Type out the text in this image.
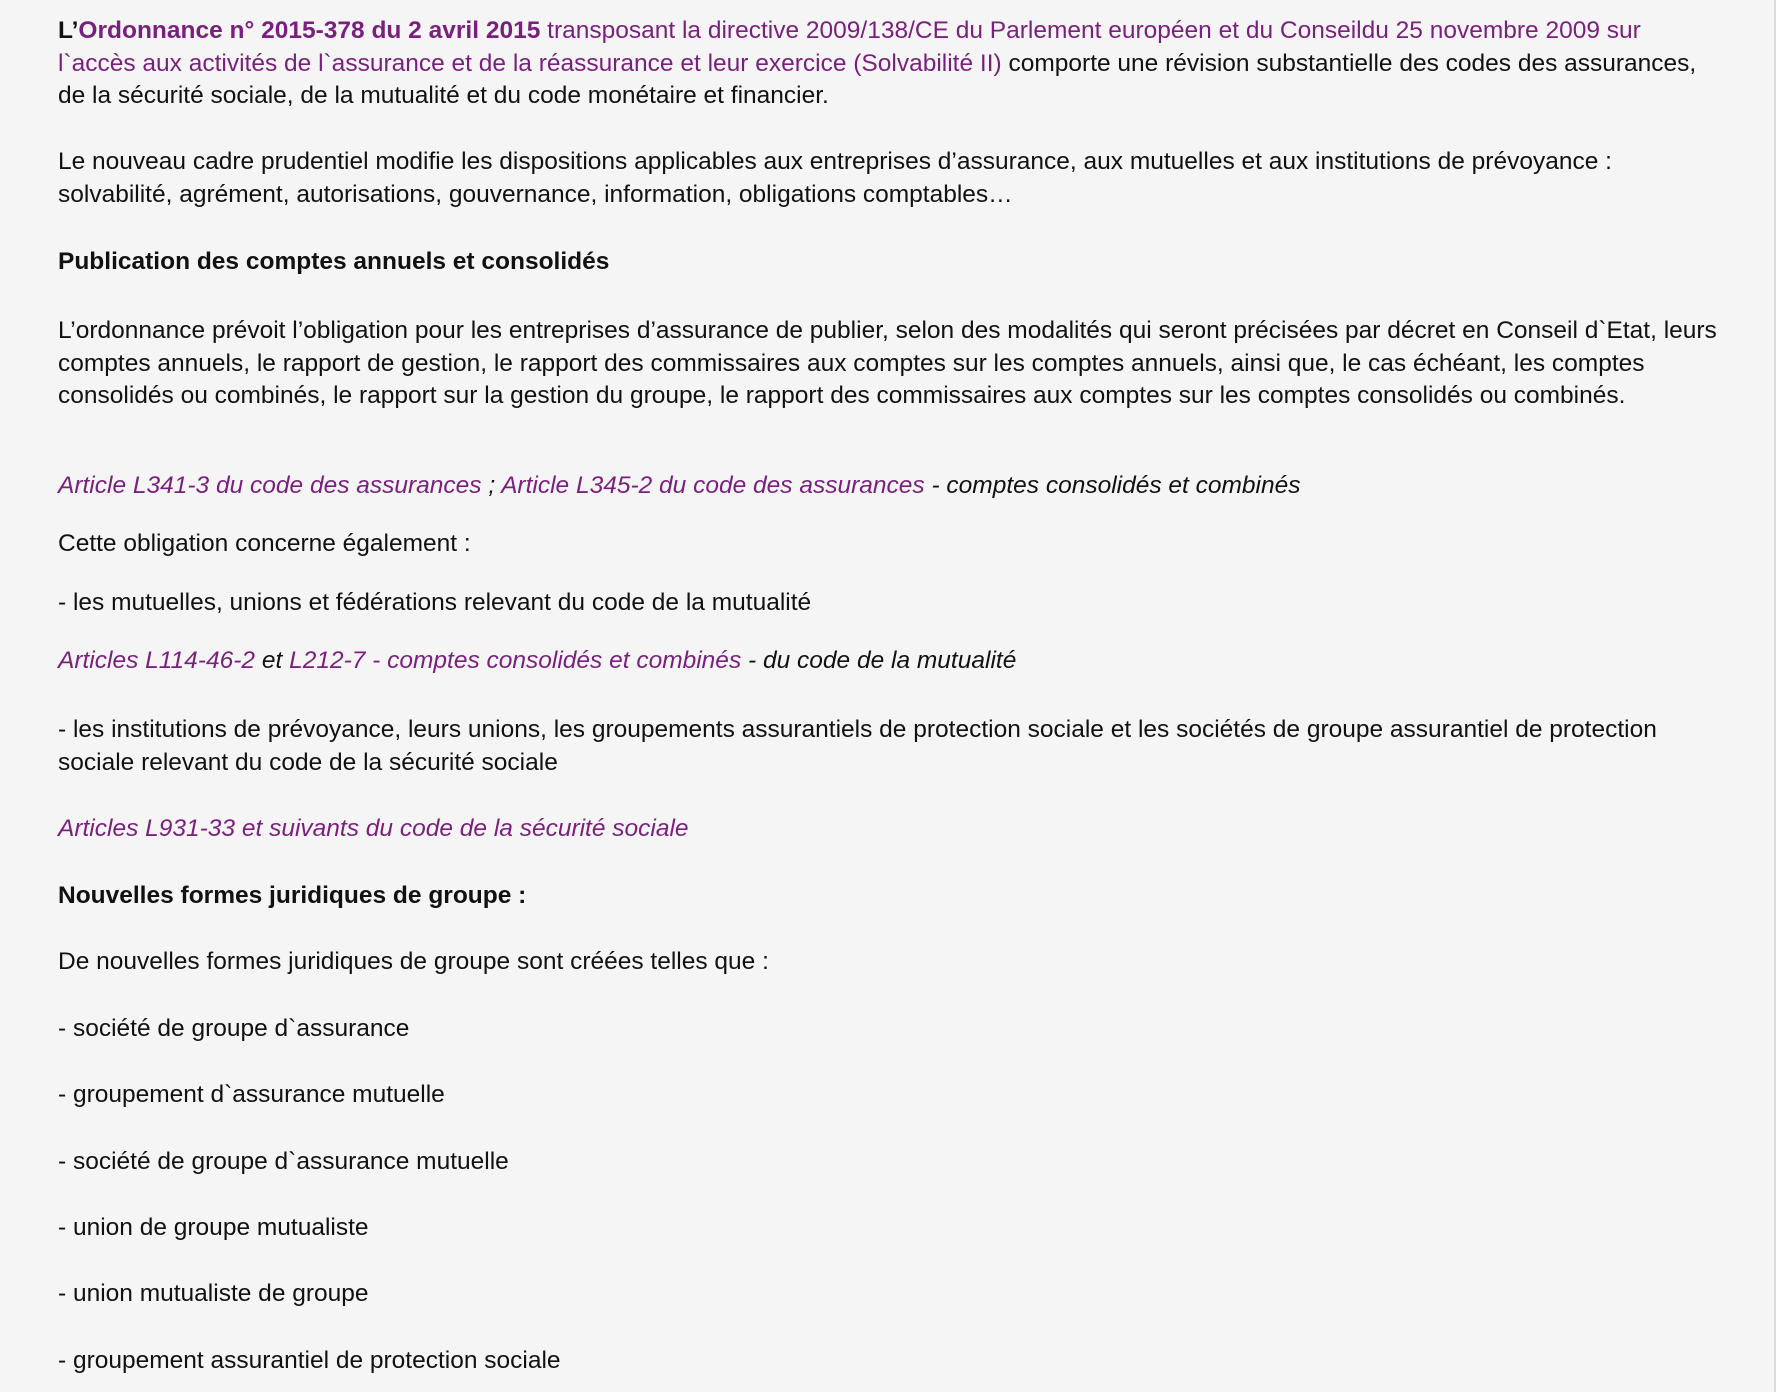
L’Ordonnance n° 2015-378 du 2 avril 2015 transposant la directive 2009/138/CE du Parlement européen et du Conseildu 25 novembre 2009 sur l`accès aux activités de l`assurance et de la réassurance et leur exercice (Solvabilité II) comporte une révision substantielle des codes des assurances, de la sécurité sociale, de la mutualité et du code monétaire et financier.

Le nouveau cadre prudentiel modifie les dispositions applicables aux entreprises d’assurance, aux mutuelles et aux institutions de prévoyance : solvabilité, agrément, autorisations, gouvernance, information, obligations comptables…

Publication des comptes annuels et consolidés

L’ordonnance prévoit l’obligation pour les entreprises d’assurance de publier, selon des modalités qui seront précisées par décret en Conseil d`Etat, leurs comptes annuels, le rapport de gestion, le rapport des commissaires aux comptes sur les comptes annuels, ainsi que, le cas échéant, les comptes consolidés ou combinés, le rapport sur la gestion du groupe, le rapport des commissaires aux comptes sur les comptes consolidés ou combinés.

Article L341-3 du code des assurances ; Article L345-2 du code des assurances - comptes consolidés et combinés

Cette obligation concerne également :

- les mutuelles, unions et fédérations relevant du code de la mutualité

Articles L114-46-2 et L212-7 - comptes consolidés et combinés - du code de la mutualité

- les institutions de prévoyance, leurs unions, les groupements assurantiels de protection sociale et les sociétés de groupe assurantiel de protection sociale relevant du code de la sécurité sociale

Articles L931-33 et suivants du code de la sécurité sociale

Nouvelles formes juridiques de groupe :

De nouvelles formes juridiques de groupe sont créées telles que :

- société de groupe d`assurance

- groupement d`assurance mutuelle

- société de groupe d`assurance mutuelle

- union de groupe mutualiste

- union mutualiste de groupe

- groupement assurantiel de protection sociale
